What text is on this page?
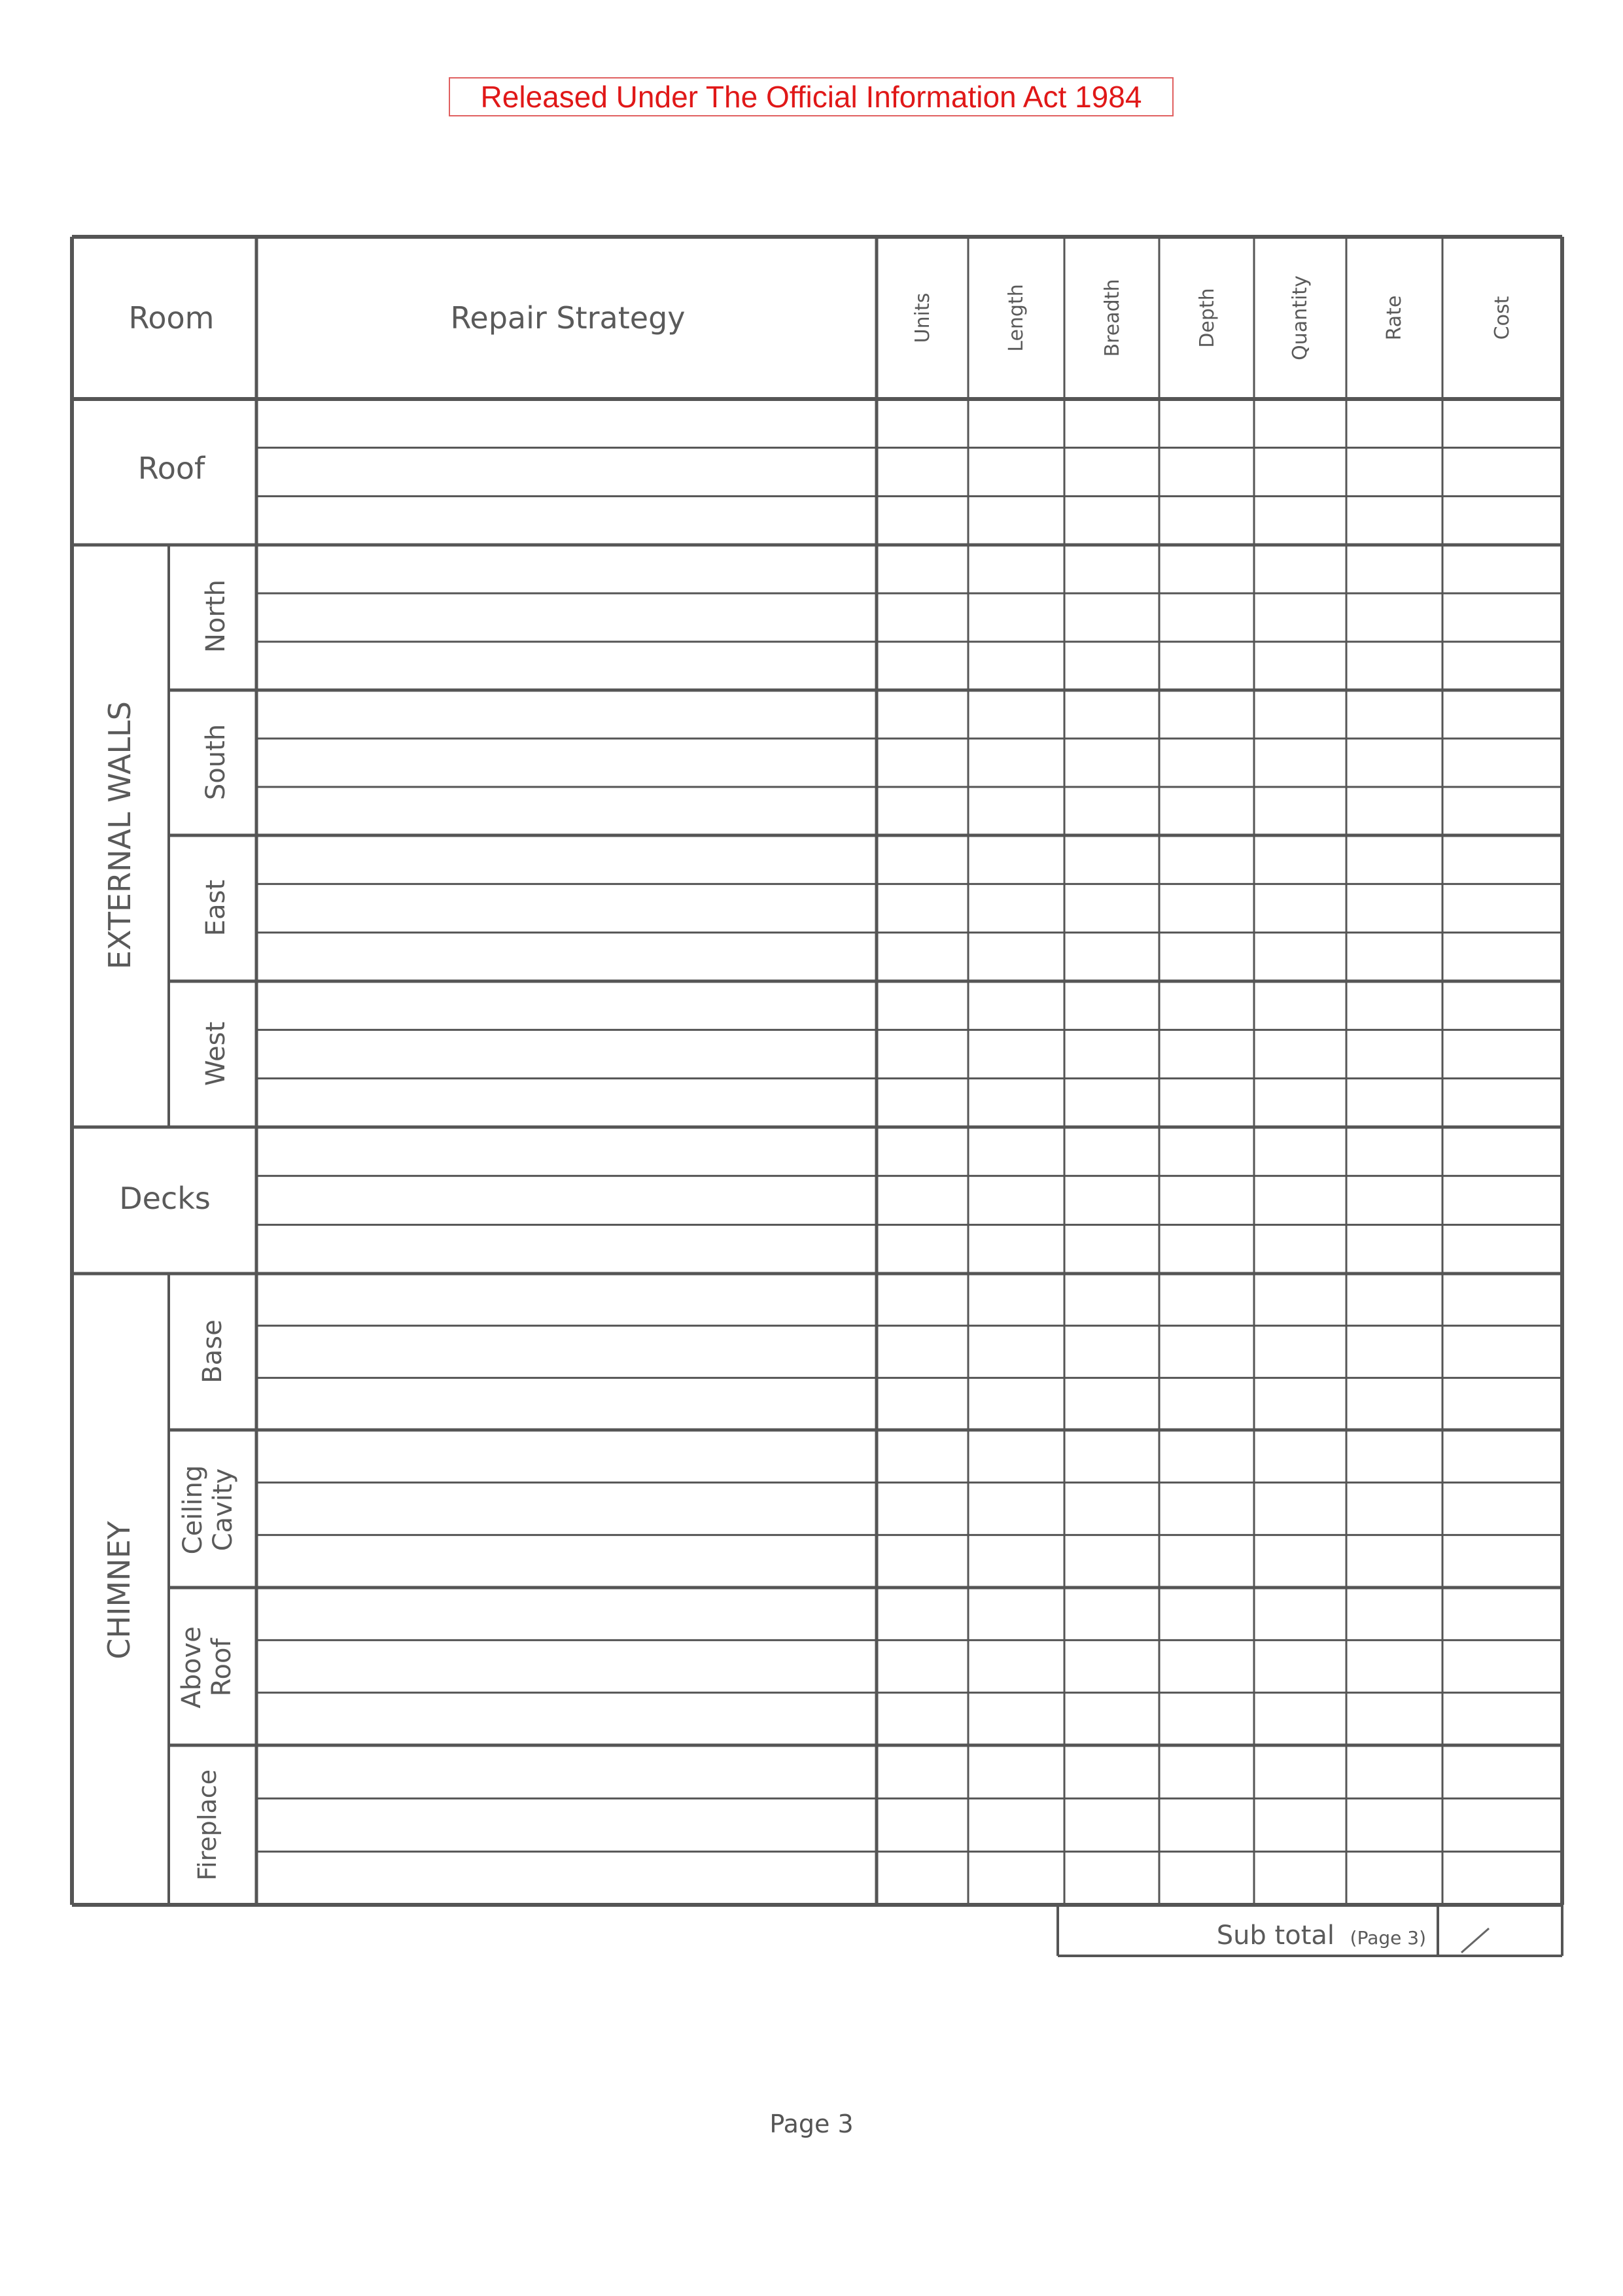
Released Under The Official Information Act 1984
Room	Repair Strategy	Units	Length	Breadth	Depth	Quantity	Rate	Cost
Roof
EXTERNAL WALLS
North
South
East
West
Decks
CHIMNEY
Base
Ceiling Cavity
Above Roof
Fireplace
Sub total (Page 3)
Page 3
